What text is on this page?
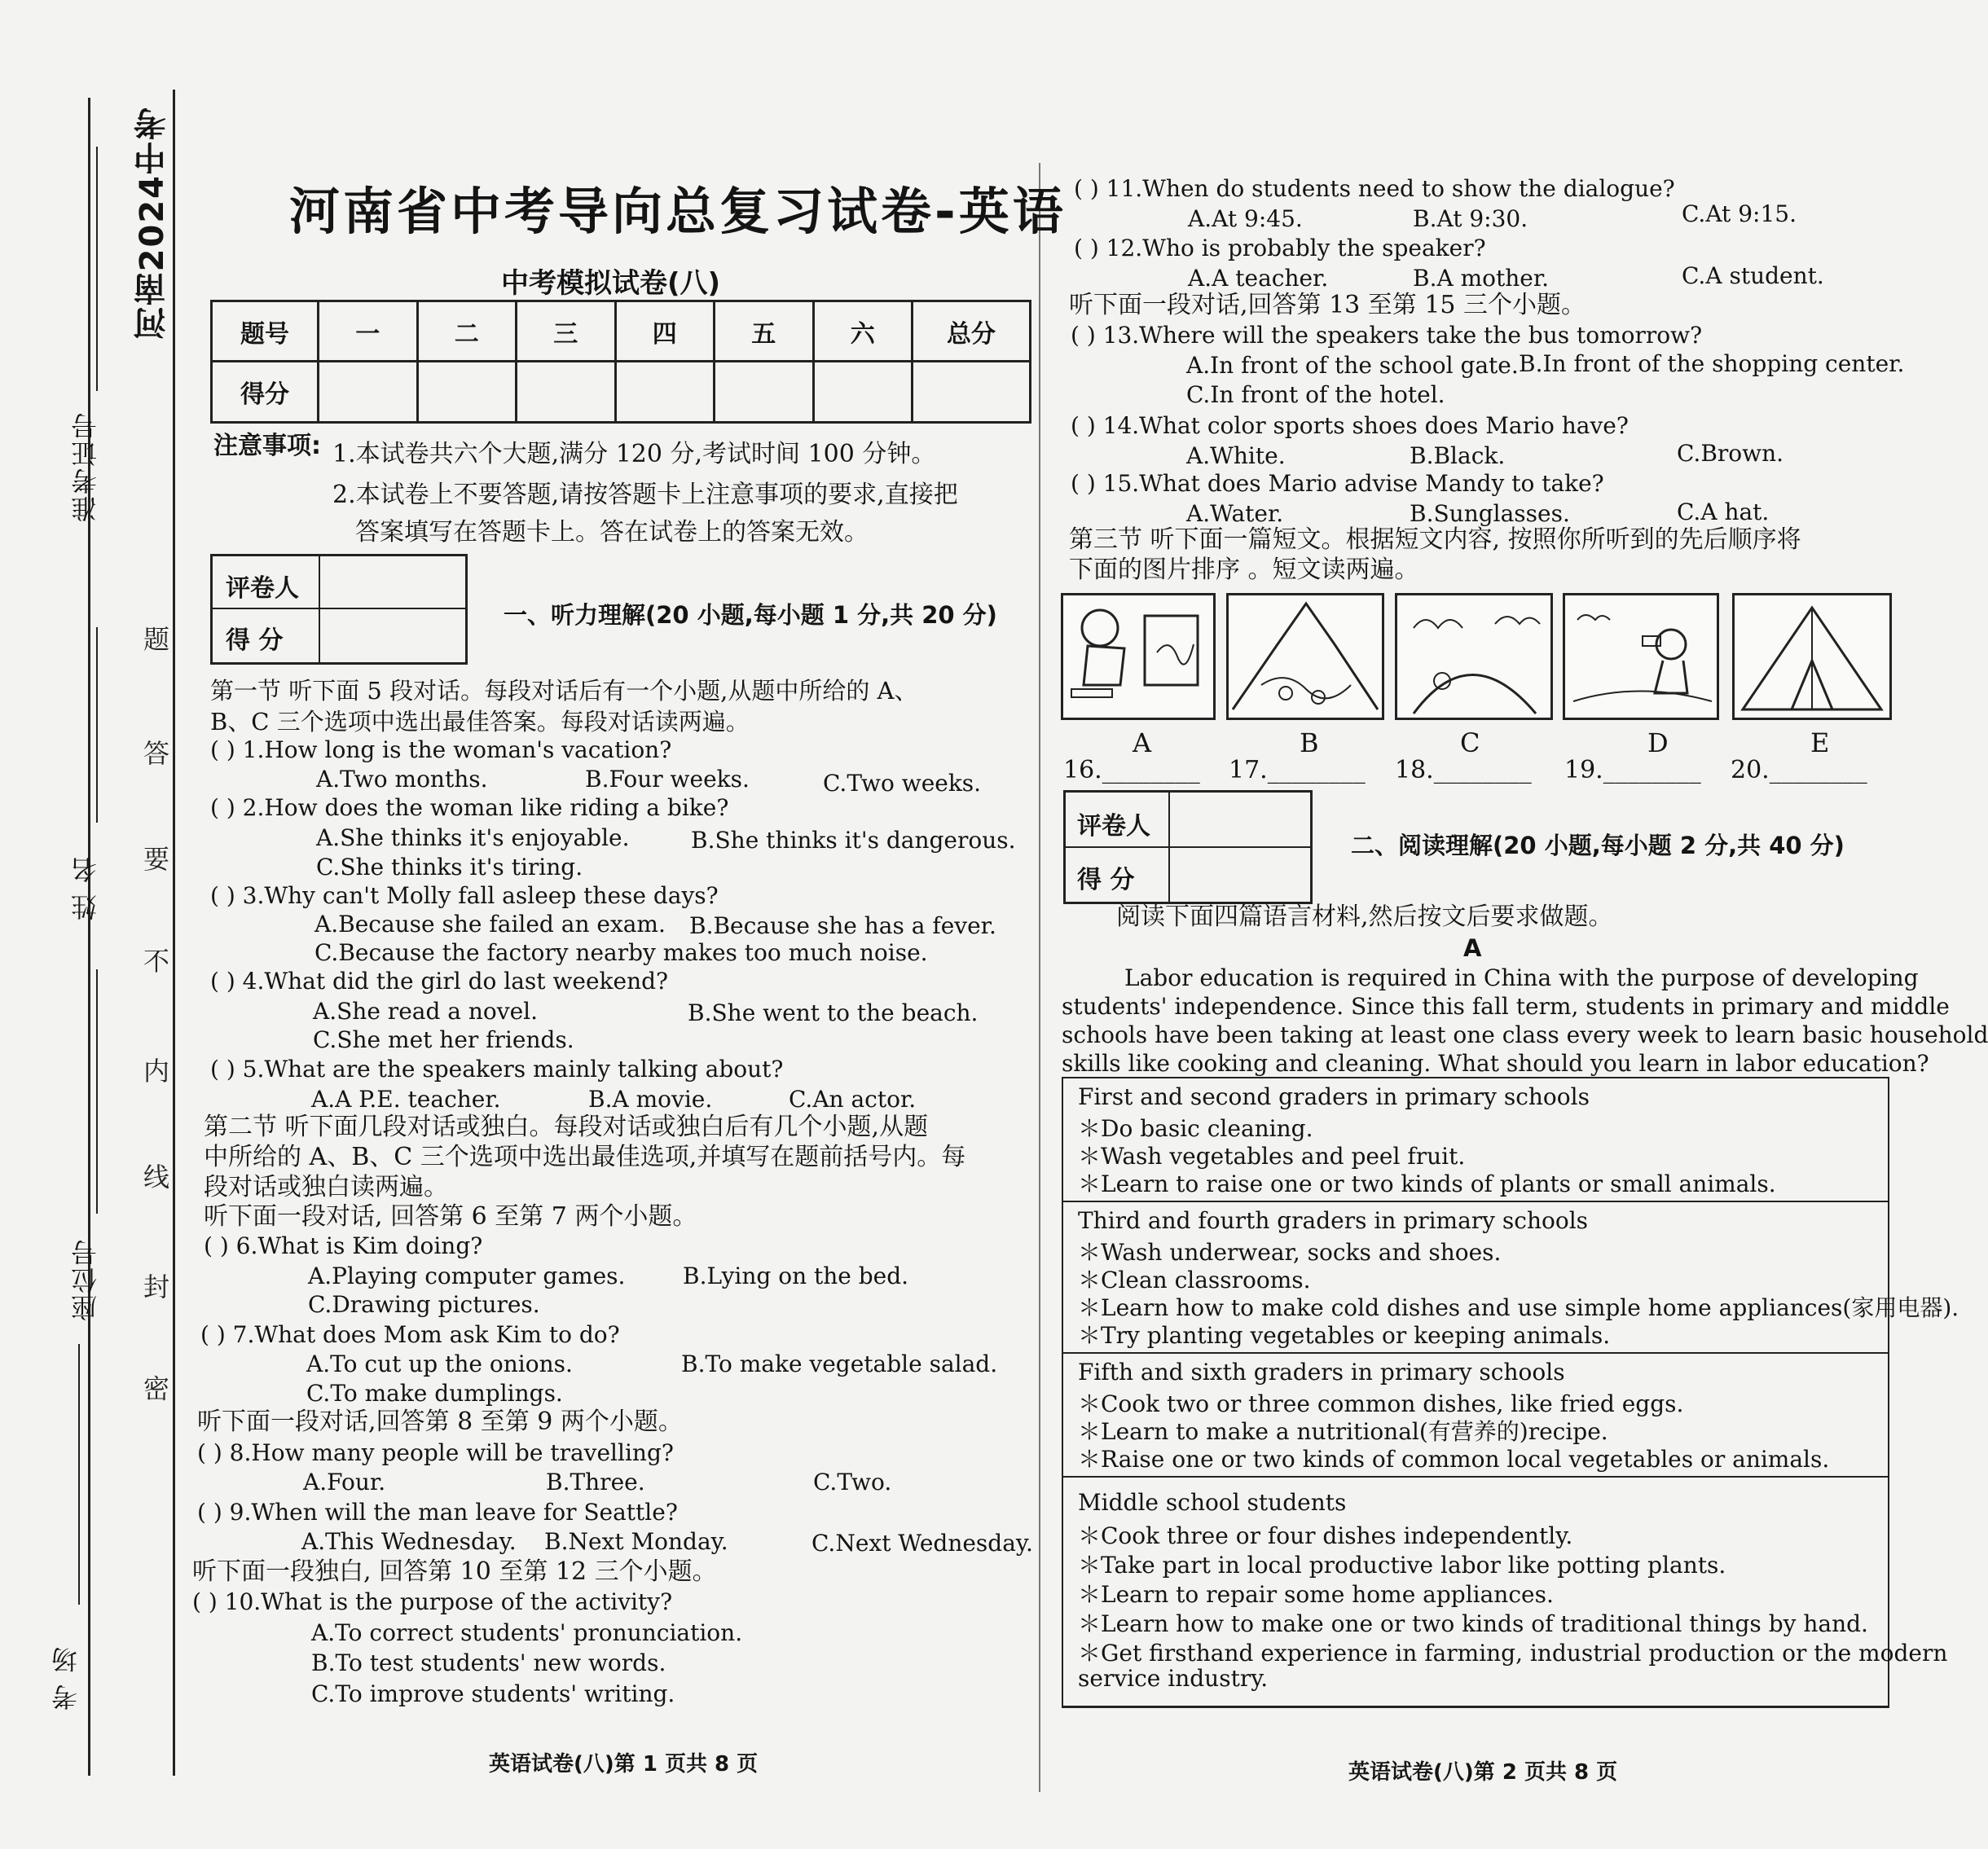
河南2024中考
准考证号
姓 名
座位号
考 场
题
答
要
不
内
线
封
密
河南省中考导向总复习试卷-英语
中考模拟试卷(八)
题号	一	二	三	四	五	六	总分
得分							
注意事项: 1.本试卷共六个大题,满分 120 分,考试时间 100 分钟。
2.本试卷上不要答题,请按答题卡上注意事项的要求,直接把
答案填写在答题卡上。答在试卷上的答案无效。
评卷人
得 分
一、听力理解(20 小题,每小题 1 分,共 20 分)
第一节 听下面 5 段对话。每段对话后有一个小题,从题中所给的 A、
B、C 三个选项中选出最佳答案。每段对话读两遍。
( ) 1.How long is the woman's vacation?
A.Two months.	B.Four weeks.	C.Two weeks.
( ) 2.How does the woman like riding a bike?
A.She thinks it's enjoyable.	B.She thinks it's dangerous.
C.She thinks it's tiring.
( ) 3.Why can't Molly fall asleep these days?
A.Because she failed an exam. B.Because she has a fever.
C.Because the factory nearby makes too much noise.
( ) 4.What did the girl do last weekend?
A.She read a novel.	B.She went to the beach.
C.She met her friends.
( ) 5.What are the speakers mainly talking about?
A.A P.E. teacher.	B.A movie.	C.An actor.
第二节 听下面几段对话或独白。每段对话或独白后有几个小题,从题
中所给的 A、B、C 三个选项中选出最佳选项,并填写在题前括号内。每
段对话或独白读两遍。
听下面一段对话, 回答第 6 至第 7 两个小题。
( ) 6.What is Kim doing?
A.Playing computer games.	B.Lying on the bed.
C.Drawing pictures.
( ) 7.What does Mom ask Kim to do?
A.To cut up the onions.	B.To make vegetable salad.
C.To make dumplings.
听下面一段对话,回答第 8 至第 9 两个小题。
( ) 8.How many people will be travelling?
A.Four.	B.Three.	C.Two.
( ) 9.When will the man leave for Seattle?
A.This Wednesday. B.Next Monday.	C.Next Wednesday.
听下面一段独白, 回答第 10 至第 12 三个小题。
( ) 10.What is the purpose of the activity?
A.To correct students' pronunciation.
B.To test students' new words.
C.To improve students' writing.
英语试卷(八)第 1 页共 8 页
( ) 11.When do students need to show the dialogue?
A.At 9:45.	B.At 9:30.	C.At 9:15.
( ) 12.Who is probably the speaker?
A.A teacher.	B.A mother.	C.A student.
听下面一段对话,回答第 13 至第 15 三个小题。
( ) 13.Where will the speakers take the bus tomorrow?
A.In front of the school gate. B.In front of the shopping center.
C.In front of the hotel.
( ) 14.What color sports shoes does Mario have?
A.White.	B.Black.	C.Brown.
( ) 15.What does Mario advise Mandy to take?
A.Water.	B.Sunglasses.	C.A hat.
第三节 听下面一篇短文。根据短文内容, 按照你所听到的先后顺序将
下面的图片排序 。短文读两遍。
A	B	C	D	E
16.________ 17.________ 18.________ 19.________ 20.________
评卷人
得 分
二、阅读理解(20 小题,每小题 2 分,共 40 分)
阅读下面四篇语言材料,然后按文后要求做题。
A
Labor education is required in China with the purpose of developing
students' independence. Since this fall term, students in primary and middle
schools have been taking at least one class every week to learn basic household
skills like cooking and cleaning. What should you learn in labor education?
First and second graders in primary schools
＊Do basic cleaning.
＊Wash vegetables and peel fruit.
＊Learn to raise one or two kinds of plants or small animals.
Third and fourth graders in primary schools
＊Wash underwear, socks and shoes.
＊Clean classrooms.
＊Learn how to make cold dishes and use simple home appliances(家用电器).
＊Try planting vegetables or keeping animals.
Fifth and sixth graders in primary schools
＊Cook two or three common dishes, like fried eggs.
＊Learn to make a nutritional(有营养的)recipe.
＊Raise one or two kinds of common local vegetables or animals.
Middle school students
＊Cook three or four dishes independently.
＊Take part in local productive labor like potting plants.
＊Learn to repair some home appliances.
＊Learn how to make one or two kinds of traditional things by hand.
＊Get firsthand experience in farming, industrial production or the modern
service industry.
英语试卷(八)第 2 页共 8 页
